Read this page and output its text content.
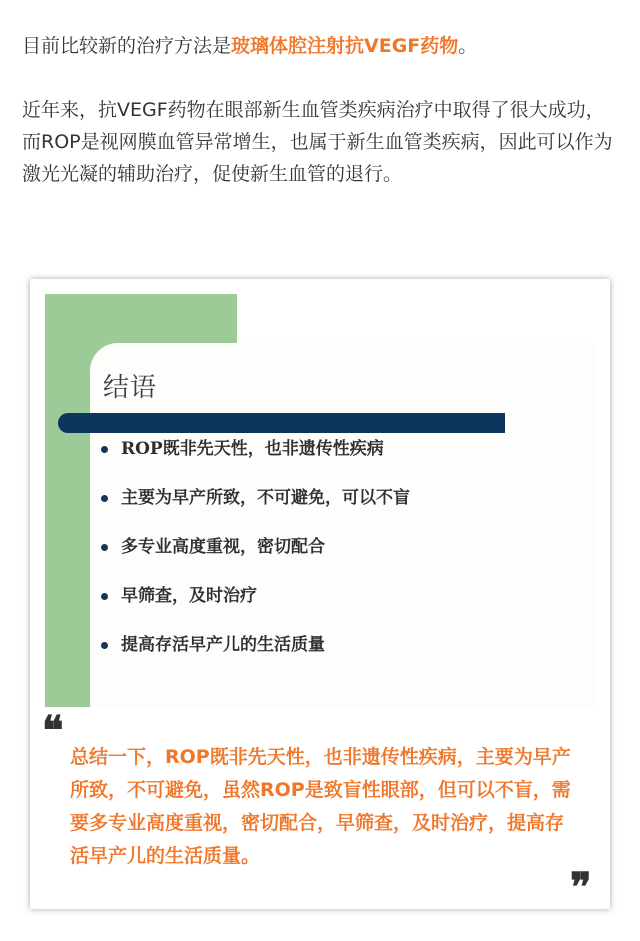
目前比较新的治疗方法是玻璃体腔注射抗VEGF药物。

近年来，抗VEGF药物在眼部新生血管类疾病治疗中取得了很大成功，而ROP是视网膜血管异常增生，也属于新生血管类疾病，因此可以作为激光光凝的辅助治疗，促使新生血管的退行。

结语
ROP既非先天性，也非遗传性疾病
主要为早产所致，不可避免，可以不盲
多专业高度重视，密切配合
早筛查，及时治疗
提高存活早产儿的生活质量
❝

总结一下，ROP既非先天性，也非遗传性疾病，主要为早产所致，不可避免，虽然ROP是致盲性眼部，但可以不盲，需要多专业高度重视，密切配合，早筛查，及时治疗，提高存活早产儿的生活质量。

❞
